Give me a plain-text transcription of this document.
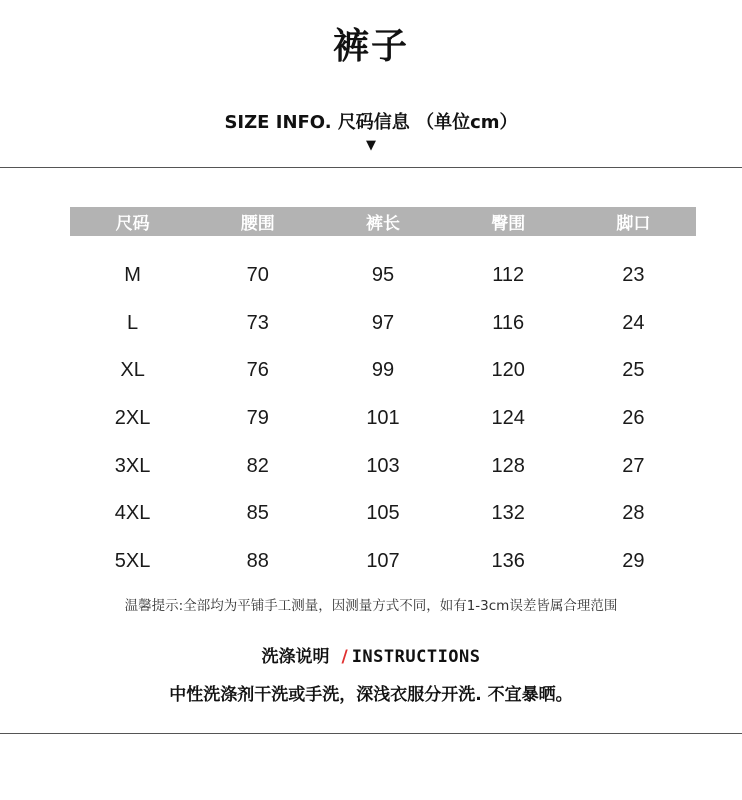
裤子
SIZE INFO. 尺码信息 （单位cm）
▼
尺码	腰围	裤长	臀围	脚口
M	70	95	112	23
L	73	97	116	24
XL	76	99	120	25
2XL	79	101	124	26
3XL	82	103	128	27
4XL	85	105	132	28
5XL	88	107	136	29
温馨提示:全部均为平铺手工测量，因测量方式不同，如有1-3cm误差皆属合理范围
洗涤说明 / INSTRUCTIONS
中性洗涤剂干洗或手洗，深浅衣服分开洗. 不宜暴晒。
